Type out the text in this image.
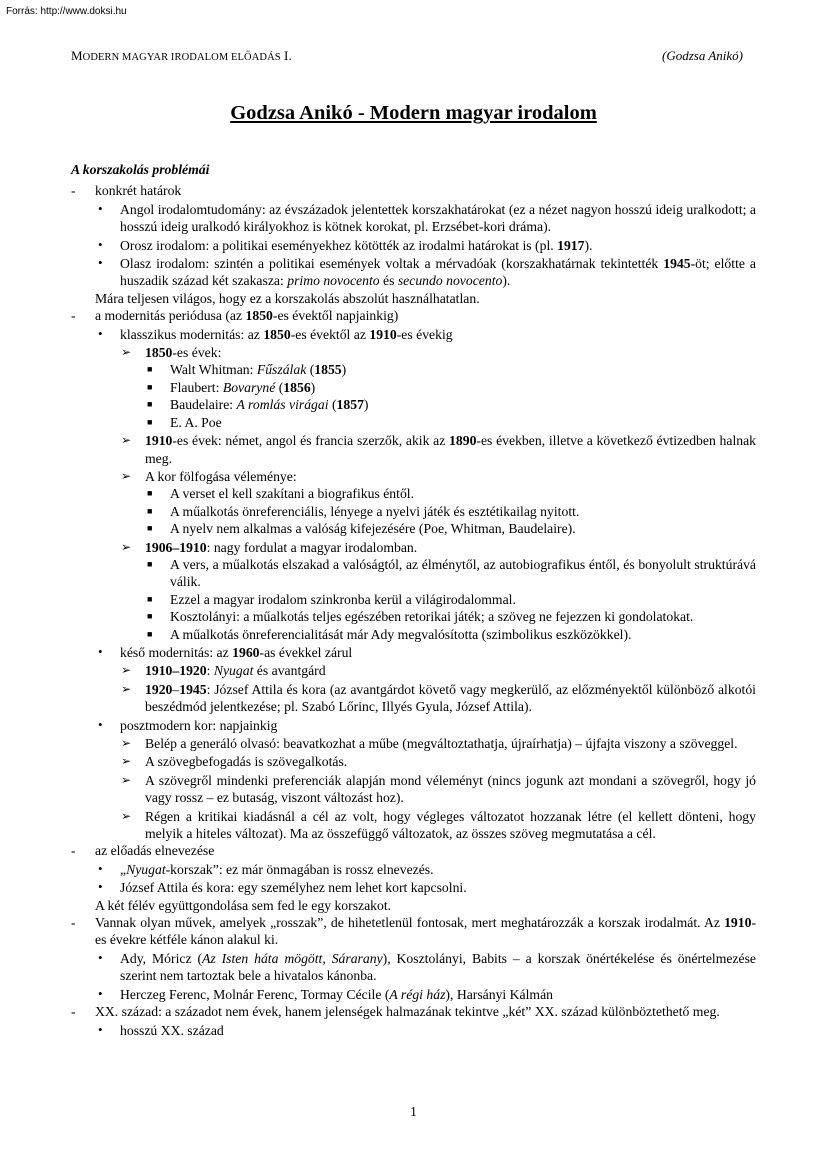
Forrás: http://www.doksi.hu
MODERN MAGYAR IRODALOM ELŐADÁS I.	(Godzsa Anikó)
Godzsa Anikó - Modern magyar irodalom
A korszakolás problémái
- konkrét határok
• Angol irodalomtudomány: az évszázadok jelentettek korszakhatárokat (ez a nézet nagyon hosszú ideig uralkodott; a hosszú ideig uralkodó királyokhoz is kötnek korokat, pl. Erzsébet-kori dráma).
• Orosz irodalom: a politikai eseményekhez kötötték az irodalmi határokat is (pl. 1917).
• Olasz irodalom: szintén a politikai események voltak a mérvadóak (korszakhatárnak tekintették 1945-öt; előtte a huszadik század két szakasza: primo novocento és secundo novocento).
Mára teljesen világos, hogy ez a korszakolás abszolút használhatatlan.
- a modernitás periódusa (az 1850-es évektől napjainkig)
• klasszikus modernitás: az 1850-es évektől az 1910-es évekig
➢ 1850-es évek:
■ Walt Whitman: Fűszálak (1855)
■ Flaubert: Bovaryné (1856)
■ Baudelaire: A romlás virágai (1857)
■ E. A. Poe
➢ 1910-es évek: német, angol és francia szerzők, akik az 1890-es években, illetve a következő évtizedben halnak meg.
➢ A kor fölfogása véleménye:
■ A verset el kell szakítani a biografikus éntől.
■ A műalkotás önreferenciális, lényege a nyelvi játék és esztétikailag nyitott.
■ A nyelv nem alkalmas a valóság kifejezésére (Poe, Whitman, Baudelaire).
➢ 1906–1910: nagy fordulat a magyar irodalomban.
■ A vers, a műalkotás elszakad a valóságtól, az élménytől, az autobiografikus éntől, és bonyolult struktúrává válik.
■ Ezzel a magyar irodalom szinkronba kerül a világirodalommal.
■ Kosztolányi: a műalkotás teljes egészében retorikai játék; a szöveg ne fejezzen ki gondolatokat.
■ A műalkotás önreferencialitását már Ady megvalósította (szimbolikus eszközökkel).
• késő modernitás: az 1960-as évekkel zárul
➢ 1910–1920: Nyugat és avantgárd
➢ 1920–1945: József Attila és kora (az avantgárdot követő vagy megkerülő, az előzményektől különböző alkotói beszédmód jelentkezése; pl. Szabó Lőrinc, Illyés Gyula, József Attila).
• posztmodern kor: napjainkig
➢ Belép a generáló olvasó: beavatkozhat a műbe (megváltoztathatja, újraírhatja) – újfajta viszony a szöveggel.
➢ A szövegbefogadás is szövegalkotás.
➢ A szövegről mindenki preferenciák alapján mond véleményt (nincs jogunk azt mondani a szövegről, hogy jó vagy rossz – ez butaság, viszont változást hoz).
➢ Régen a kritikai kiadásnál a cél az volt, hogy végleges változatot hozzanak létre (el kellett dönteni, hogy melyik a hiteles változat). Ma az összefüggő változatok, az összes szöveg megmutatása a cél.
- az előadás elnevezése
• „Nyugat-korszak”: ez már önmagában is rossz elnevezés.
• József Attila és kora: egy személyhez nem lehet kort kapcsolni.
A két félév együttgondolása sem fed le egy korszakot.
- Vannak olyan művek, amelyek „rosszak”, de hihetetlenül fontosak, mert meghatározzák a korszak irodalmát. Az 1910-es évekre kétféle kánon alakul ki.
• Ady, Móricz (Az Isten háta mögött, Sárarany), Kosztolányi, Babits – a korszak önértékelése és önértelmezése szerint nem tartoztak bele a hivatalos kánonba.
• Herczeg Ferenc, Molnár Ferenc, Tormay Cécile (A régi ház), Harsányi Kálmán
- XX. század: a századot nem évek, hanem jelenségek halmazának tekintve „két” XX. század különböztethető meg.
• hosszú XX. század
1
